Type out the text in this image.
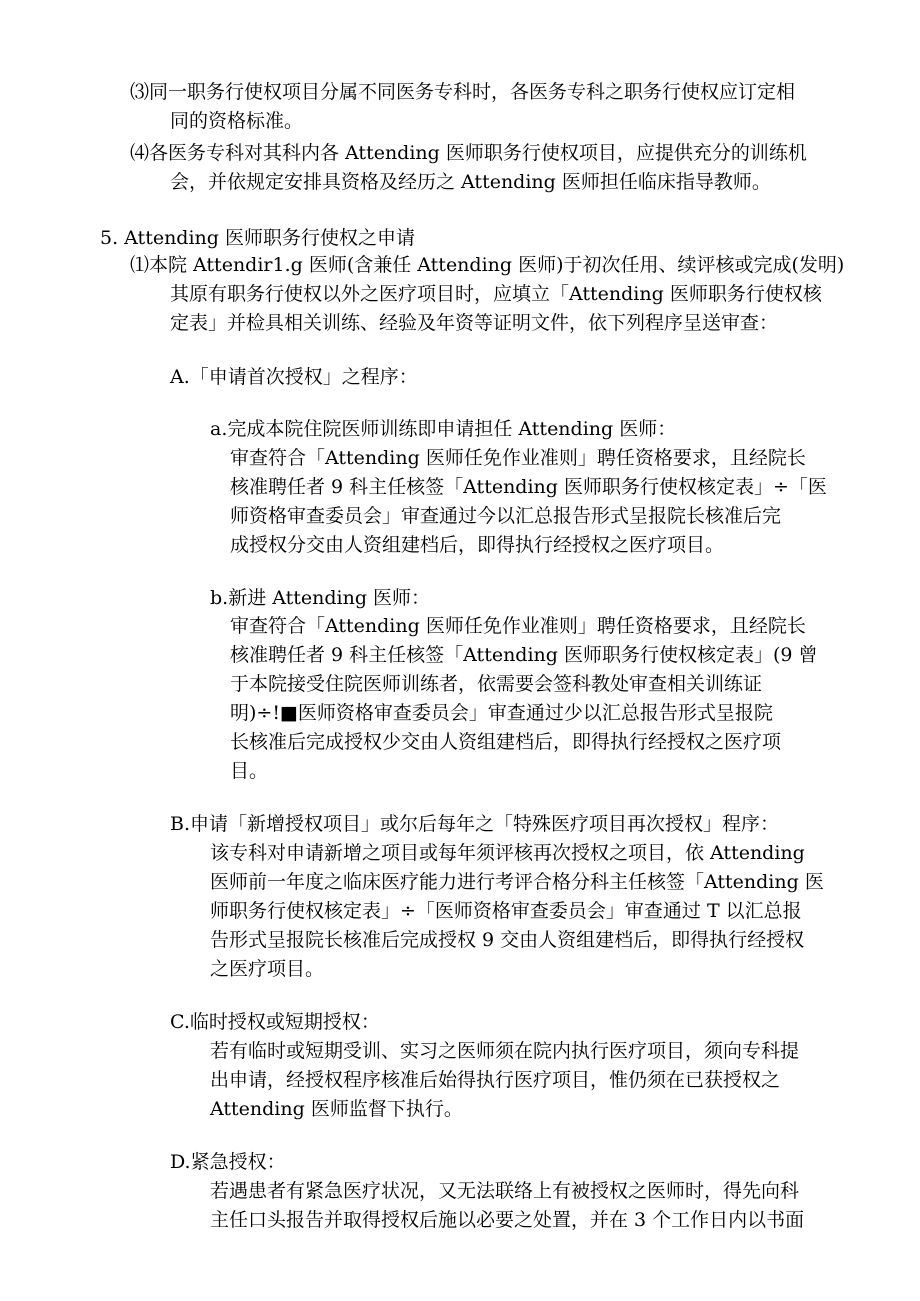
⑶同一职务行使权项目分属不同医务专科时，各医务专科之职务行使权应订定相
同的资格标准。
⑷各医务专科对其科内各 Attending 医师职务行使权项目，应提供充分的训练机
会，并依规定安排具资格及经历之 Attending 医师担任临床指导教师。
5. Attending 医师职务行使权之申请
⑴本院 Attendir1.g 医师(含兼任 Attending 医师)于初次任用、续评核或完成(发明)
其原有职务行使权以外之医疗项目时，应填立「Attending 医师职务行使权核
定表」并检具相关训练、经验及年资等证明文件，依下列程序呈送审查：
A.「申请首次授权」之程序：
a.完成本院住院医师训练即申请担任 Attending 医师：
审查符合「Attending 医师任免作业准则」聘任资格要求，且经院长
核准聘任者 9 科主任核签「Attending 医师职务行使权核定表」÷「医
师资格审查委员会」审查通过今以汇总报告形式呈报院长核准后完
成授权分交由人资组建档后，即得执行经授权之医疗项目。
b.新进 Attending 医师：
审查符合「Attending 医师任免作业准则」聘任资格要求，且经院长
核准聘任者 9 科主任核签「Attending 医师职务行使权核定表」(9 曾
于本院接受住院医师训练者，依需要会签科教处审查相关训练证
明)÷!■医师资格审查委员会」审查通过少以汇总报告形式呈报院
长核准后完成授权少交由人资组建档后，即得执行经授权之医疗项
目。
B.申请「新增授权项目」或尔后每年之「特殊医疗项目再次授权」程序：
该专科对申请新增之项目或每年须评核再次授权之项目，依 Attending
医师前一年度之临床医疗能力进行考评合格分科主任核签「Attending 医
师职务行使权核定表」÷「医师资格审查委员会」审查通过 T 以汇总报
告形式呈报院长核准后完成授权 9 交由人资组建档后，即得执行经授权
之医疗项目。
C.临时授权或短期授权：
若有临时或短期受训、实习之医师须在院内执行医疗项目，须向专科提
出申请，经授权程序核准后始得执行医疗项目，惟仍须在已获授权之
Attending 医师监督下执行。
D.紧急授权：
若遇患者有紧急医疗状况，又无法联络上有被授权之医师时，得先向科
主任口头报告并取得授权后施以必要之处置，并在 3 个工作日内以书面
